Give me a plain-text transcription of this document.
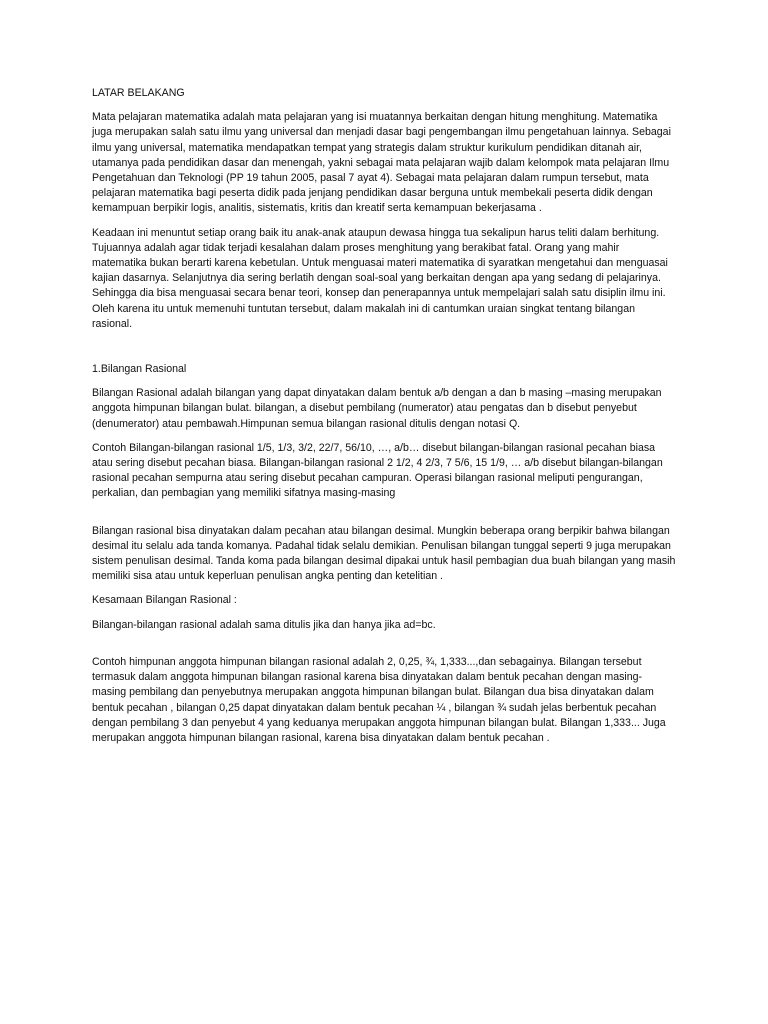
LATAR BELAKANG

Mata pelajaran matematika adalah mata pelajaran yang isi muatannya berkaitan dengan hitung menghitung. Matematika juga merupakan salah satu ilmu yang universal dan menjadi dasar bagi pengembangan ilmu pengetahuan lainnya. Sebagai ilmu yang universal, matematika mendapatkan tempat yang strategis dalam struktur kurikulum pendidikan ditanah air, utamanya pada pendidikan dasar dan menengah, yakni sebagai mata pelajaran wajib dalam kelompok mata pelajaran Ilmu Pengetahuan dan Teknologi (PP 19 tahun 2005, pasal 7 ayat 4). Sebagai mata pelajaran dalam rumpun tersebut, mata pelajaran matematika bagi peserta didik pada jenjang pendidikan dasar berguna untuk membekali peserta didik dengan kemampuan berpikir logis, analitis, sistematis, kritis dan kreatif serta kemampuan bekerjasama .

Keadaan ini menuntut setiap orang baik itu anak-anak ataupun dewasa hingga tua sekalipun harus teliti dalam berhitung. Tujuannya adalah agar tidak terjadi kesalahan dalam proses menghitung yang berakibat fatal. Orang yang mahir matematika bukan berarti karena kebetulan. Untuk menguasai materi matematika di syaratkan mengetahui dan menguasai kajian dasarnya. Selanjutnya dia sering berlatih dengan soal-soal yang berkaitan dengan apa yang sedang di pelajarinya. Sehingga dia bisa menguasai secara benar teori, konsep dan penerapannya untuk mempelajari salah satu disiplin ilmu ini. Oleh karena itu untuk memenuhi tuntutan tersebut, dalam makalah ini di cantumkan uraian singkat tentang bilangan rasional.

1.Bilangan Rasional

Bilangan Rasional adalah bilangan yang dapat dinyatakan dalam bentuk a/b dengan a dan b masing –masing merupakan anggota himpunan bilangan bulat. bilangan, a disebut pembilang (numerator) atau pengatas dan b disebut penyebut (denumerator) atau pembawah.Himpunan semua bilangan rasional ditulis dengan notasi Q.

Contoh Bilangan-bilangan rasional 1/5, 1/3, 3/2, 22/7, 56/10, …, a/b… disebut bilangan-bilangan rasional pecahan biasa atau sering disebut pecahan biasa. Bilangan-bilangan rasional 2 1/2, 4 2/3, 7 5/6, 15 1/9, … a/b disebut bilangan-bilangan rasional pecahan sempurna atau sering disebut pecahan campuran. Operasi bilangan rasional meliputi pengurangan, perkalian, dan pembagian yang memiliki sifatnya masing-masing

Bilangan rasional bisa dinyatakan dalam pecahan atau bilangan desimal. Mungkin beberapa orang berpikir bahwa bilangan desimal itu selalu ada tanda komanya. Padahal tidak selalu demikian. Penulisan bilangan tunggal seperti 9 juga merupakan sistem penulisan desimal. Tanda koma pada bilangan desimal dipakai untuk hasil pembagian dua buah bilangan yang masih memiliki sisa atau untuk keperluan penulisan angka penting dan ketelitian .

Kesamaan Bilangan Rasional :
Bilangan-bilangan rasional adalah sama ditulis jika dan hanya jika ad=bc.

Contoh himpunan anggota himpunan bilangan rasional adalah 2, 0,25, ¾, 1,333...,dan sebagainya. Bilangan tersebut termasuk dalam anggota himpunan bilangan rasional karena bisa dinyatakan dalam bentuk pecahan dengan masing-masing pembilang dan penyebutnya merupakan anggota himpunan bilangan bulat. Bilangan dua bisa dinyatakan dalam bentuk pecahan , bilangan 0,25 dapat dinyatakan dalam bentuk pecahan ¼ , bilangan ¾ sudah jelas berbentuk pecahan dengan pembilang 3 dan penyebut 4 yang keduanya merupakan anggota himpunan bilangan bulat. Bilangan 1,333... Juga merupakan anggota himpunan bilangan rasional, karena bisa dinyatakan dalam bentuk pecahan .
